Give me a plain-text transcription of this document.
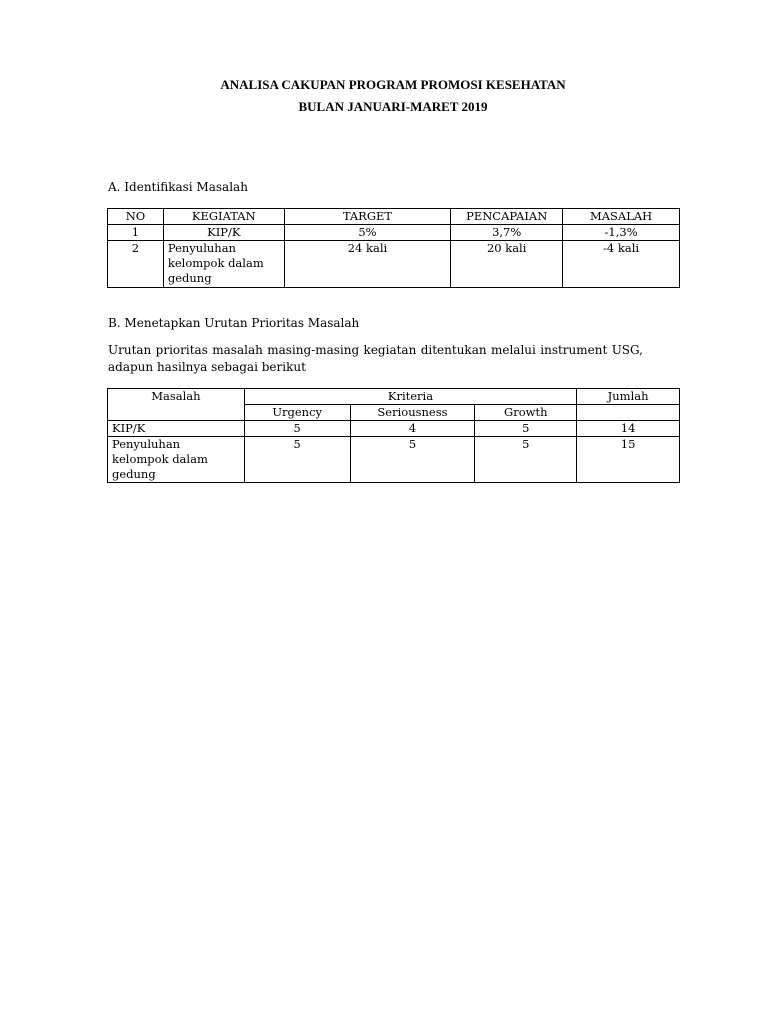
ANALISA CAKUPAN PROGRAM PROMOSI KESEHATAN
BULAN JANUARI-MARET 2019
A. Identifikasi Masalah
NO	KEGIATAN	TARGET	PENCAPAIAN	MASALAH
1	KIP/K	5%	3,7%	-1,3%
2	Penyuluhan kelompok dalam gedung	24 kali	20 kali	-4 kali
B. Menetapkan Urutan Prioritas Masalah
Urutan prioritas masalah masing-masing kegiatan ditentukan melalui instrument USG, adapun hasilnya sebagai berikut
Masalah	Kriteria			Jumlah
	Urgency	Seriousness	Growth	
KIP/K	5	4	5	14
Penyuluhan kelompok dalam gedung	5	5	5	15
